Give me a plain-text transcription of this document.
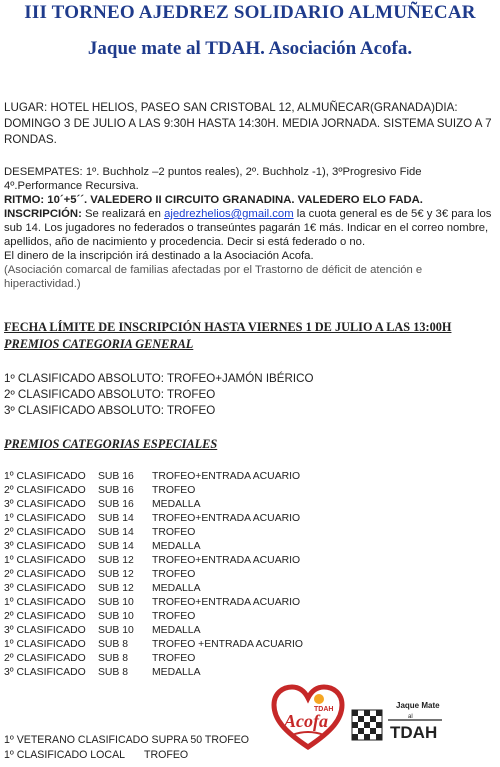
III TORNEO AJEDREZ SOLIDARIO ALMUÑECAR
Jaque mate al TDAH. Asociación Acofa.
LUGAR: HOTEL HELIOS, PASEO SAN CRISTOBAL 12, ALMUÑECAR(GRANADA)DIA: DOMINGO 3 DE JULIO A LAS 9:30H HASTA 14:30H. MEDIA JORNADA. SISTEMA SUIZO A 7 RONDAS.
DESEMPATES: 1º. Buchholz –2 puntos reales), 2º. Buchholz -1), 3ºProgresivo Fide 4º.Performance Recursiva.
RITMO: 10´+5´´. VALEDERO II CIRCUITO GRANADINA. VALEDERO ELO FADA.
INSCRIPCIÓN: Se realizará en ajedrezhelios@gmail.com la cuota general es de 5€ y 3€ para los sub 14. Los jugadores no federados o transeúntes pagarán 1€ más. Indicar en el correo nombre, apellidos, año de nacimiento y procedencia. Decir si está federado o no.
El dinero de la inscripción irá destinado a la Asociación Acofa.
(Asociación comarcal de familias afectadas por el Trastorno de déficit de atención e hiperactividad.)
FECHA LÍMITE DE INSCRIPCIÓN HASTA VIERNES 1 DE JULIO A LAS 13:00H
PREMIOS CATEGORIA GENERAL
1º CLASIFICADO ABSOLUTO: TROFEO+JAMÓN IBÉRICO
2º CLASIFICADO ABSOLUTO: TROFEO
3º CLASIFICADO ABSOLUTO: TROFEO
PREMIOS CATEGORIAS ESPECIALES
1º CLASIFICADO SUB 16 TROFEO+ENTRADA ACUARIO
2º CLASIFICADO SUB 16 TROFEO
3º CLASIFICADO SUB 16 MEDALLA
1º CLASIFICADO SUB 14 TROFEO+ENTRADA ACUARIO
2º CLASIFICADO SUB 14 TROFEO
3º CLASIFICADO SUB 14 MEDALLA
1º CLASIFICADO SUB 12 TROFEO+ENTRADA ACUARIO
2º CLASIFICADO SUB 12 TROFEO
3º CLASIFICADO SUB 12 MEDALLA
1º CLASIFICADO SUB 10 TROFEO+ENTRADA ACUARIO
2º CLASIFICADO SUB 10 TROFEO
3º CLASIFICADO SUB 10 MEDALLA
1º CLASIFICADO SUB 8 TROFEO +ENTRADA ACUARIO
2º CLASIFICADO SUB 8 TROFEO
3º CLASIFICADO SUB 8 MEDALLA
1º VETERANO CLASIFICADO SUPRA 50 TROFEO
1º CLASIFICADO LOCAL TROFEO
TDAH
Acofa
Jaque Mate
al
TDAH
